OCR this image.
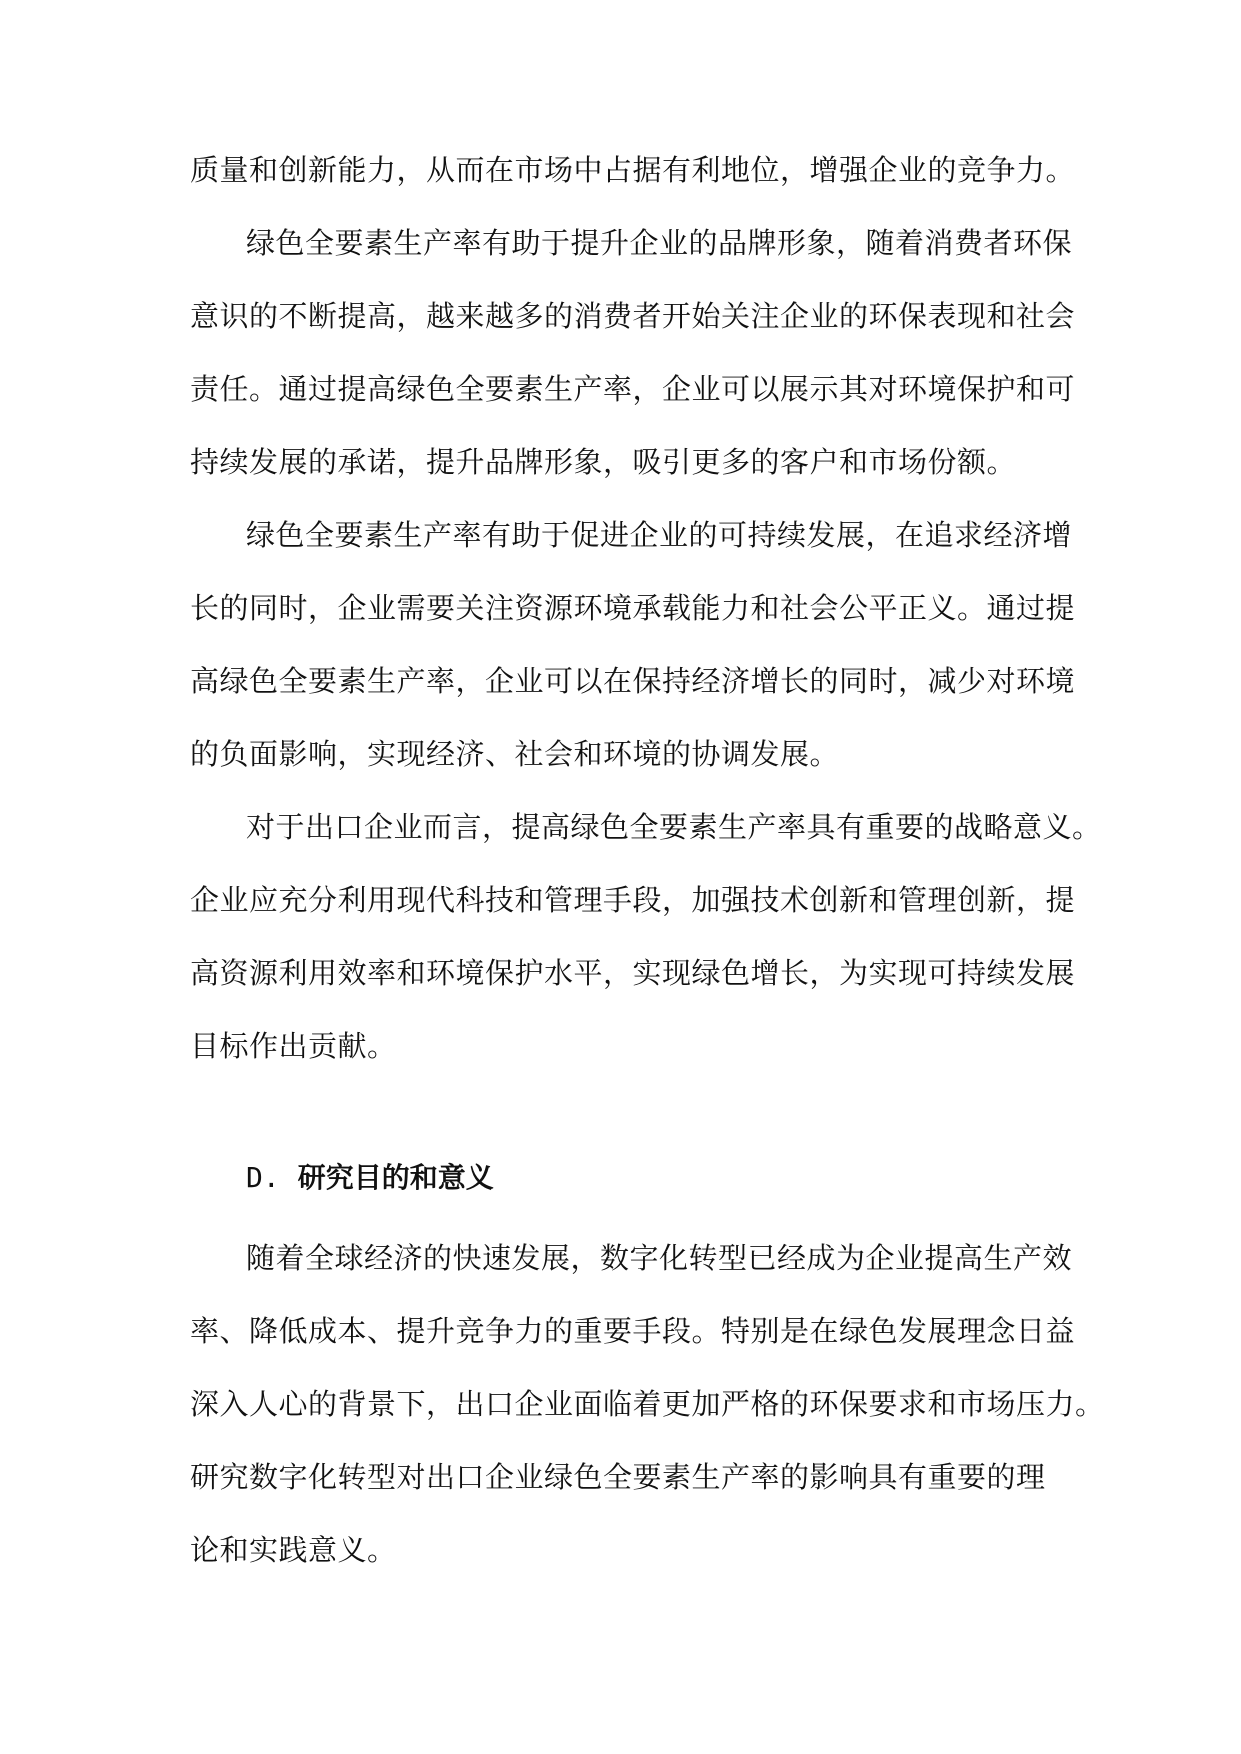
质量和创新能力，从而在市场中占据有利地位，增强企业的竞争力。
绿色全要素生产率有助于提升企业的品牌形象，随着消费者环保
意识的不断提高，越来越多的消费者开始关注企业的环保表现和社会
责任。通过提高绿色全要素生产率，企业可以展示其对环境保护和可
持续发展的承诺，提升品牌形象，吸引更多的客户和市场份额。
绿色全要素生产率有助于促进企业的可持续发展，在追求经济增
长的同时，企业需要关注资源环境承载能力和社会公平正义。通过提
高绿色全要素生产率，企业可以在保持经济增长的同时，减少对环境
的负面影响，实现经济、社会和环境的协调发展。
对于出口企业而言，提高绿色全要素生产率具有重要的战略意义。
企业应充分利用现代科技和管理手段，加强技术创新和管理创新，提
高资源利用效率和环境保护水平，实现绿色增长，为实现可持续发展
目标作出贡献。
D. 研究目的和意义
随着全球经济的快速发展，数字化转型已经成为企业提高生产效
率、降低成本、提升竞争力的重要手段。特别是在绿色发展理念日益
深入人心的背景下，出口企业面临着更加严格的环保要求和市场压力。
研究数字化转型对出口企业绿色全要素生产率的影响具有重要的理
论和实践意义。
